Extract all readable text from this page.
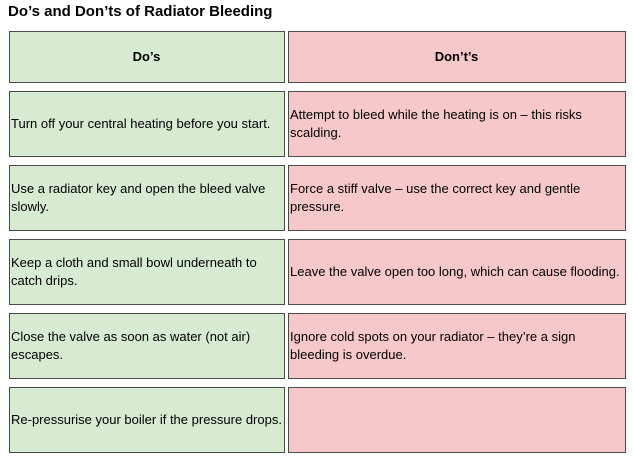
Do’s and Don’ts of Radiator Bleeding
Do’s	Don’t’s
Turn off your central heating before you start.
Attempt to bleed while the heating is on – this risks scalding.
Use a radiator key and open the bleed valve slowly.
Force a stiff valve – use the correct key and gentle pressure.
Keep a cloth and small bowl underneath to catch drips.
Leave the valve open too long, which can cause flooding.
Close the valve as soon as water (not air) escapes.
Ignore cold spots on your radiator – they’re a sign bleeding is overdue.
Re-pressurise your boiler if the pressure drops.
